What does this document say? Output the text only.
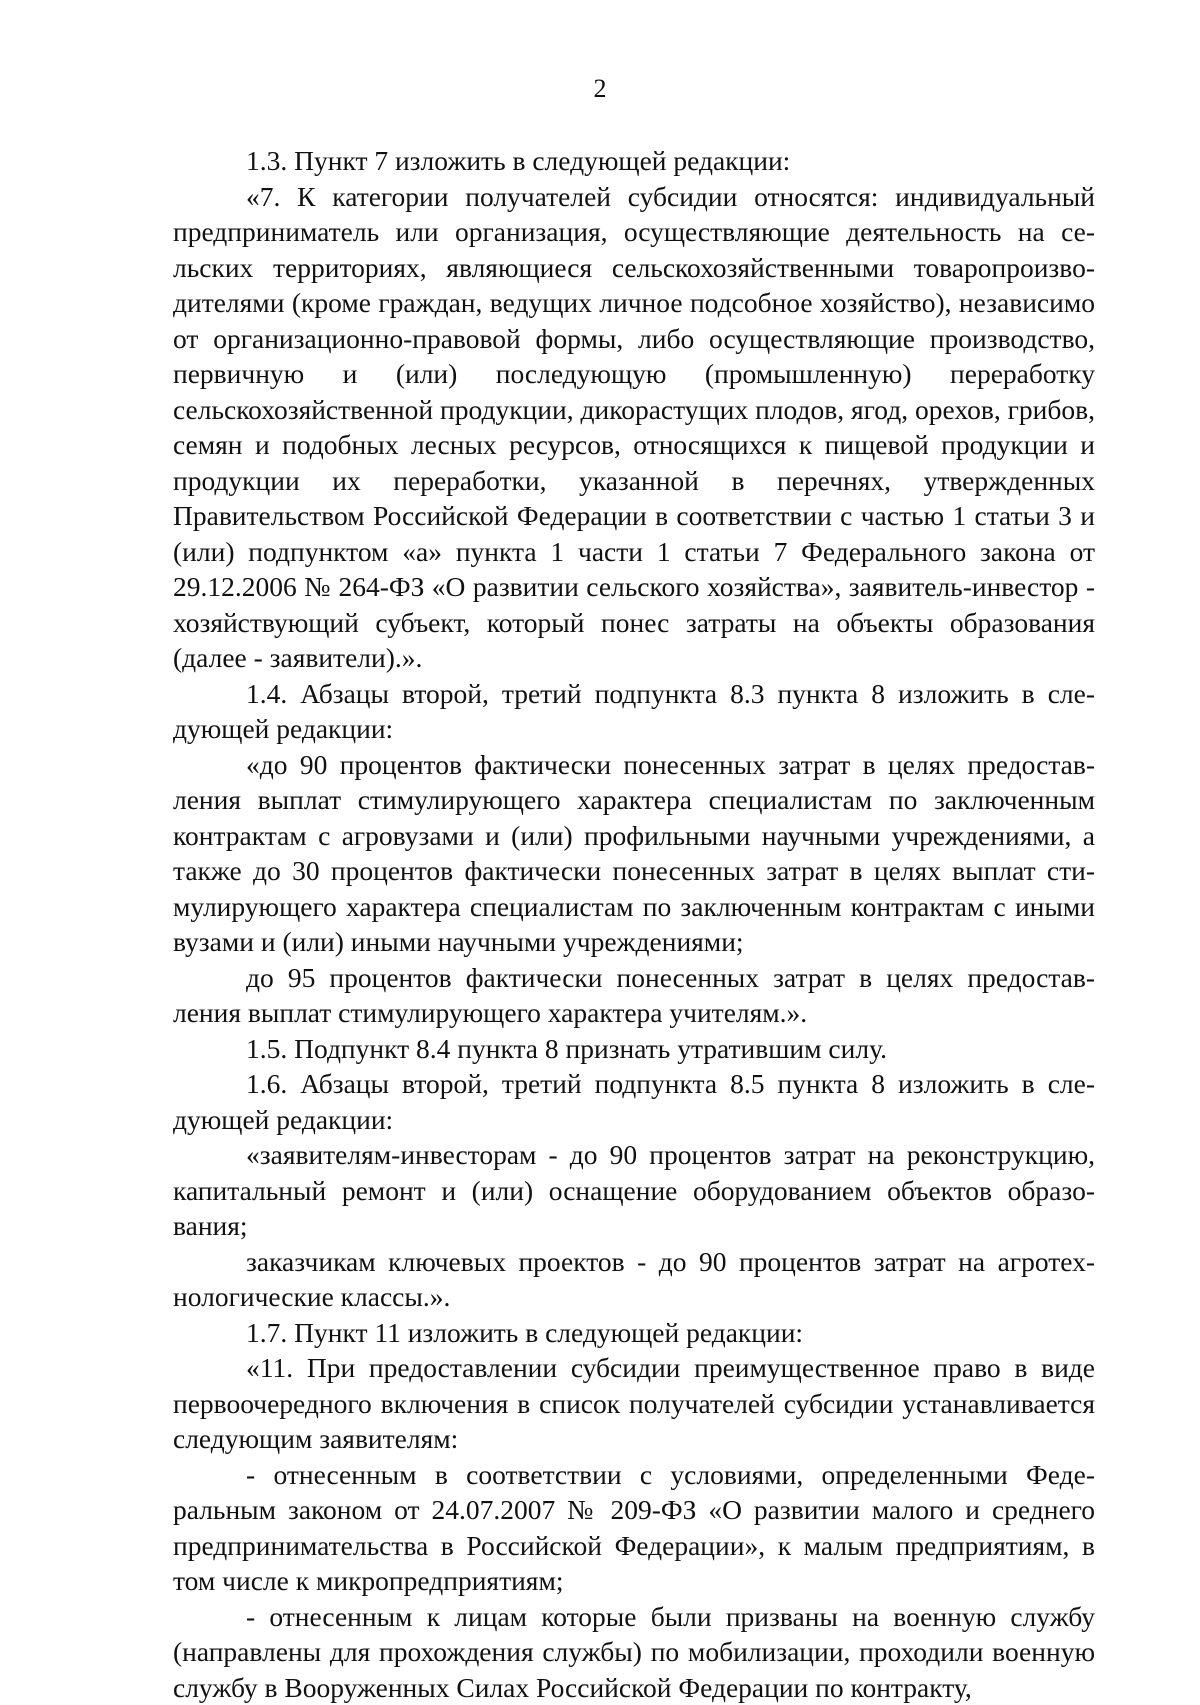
2

1.3. Пункт 7 изложить в следующей редакции:

«7. К категории получателей субсидии относятся: индивидуальный предприниматель или организация, осуществляющие деятельность на сельских территориях, являющиеся сельскохозяйственными товаропроизводителями (кроме граждан, ведущих личное подсобное хозяйство), независимо от организационно-правовой формы, либо осуществляющие производство, первичную и (или) последующую (промышленную) переработку сельскохозяйственной продукции, дикорастущих плодов, ягод, орехов, грибов, семян и подобных лесных ресурсов, относящихся к пищевой продукции и продукции их переработки, указанной в перечнях, утвержденных Правительством Российской Федерации в соответствии с частью 1 статьи 3 и (или) подпунктом «а» пункта 1 части 1 статьи 7 Федерального закона от 29.12.2006 № 264-ФЗ «О развитии сельского хозяйства», заявитель-инвестор - хозяйствующий субъект, который понес затраты на объекты образования (далее - заявители).».

1.4. Абзацы второй, третий подпункта 8.3 пункта 8 изложить в следующей редакции:

«до 90 процентов фактически понесенных затрат в целях предоставления выплат стимулирующего характера специалистам по заключенным контрактам с агровузами и (или) профильными научными учреждениями, а также до 30 процентов фактически понесенных затрат в целях выплат стимулирующего характера специалистам по заключенным контрактам с иными вузами и (или) иными научными учреждениями;

до 95 процентов фактически понесенных затрат в целях предоставления выплат стимулирующего характера учителям.».

1.5. Подпункт 8.4 пункта 8 признать утратившим силу.

1.6. Абзацы второй, третий подпункта 8.5 пункта 8 изложить в следующей редакции:

«заявителям-инвесторам - до 90 процентов затрат на реконструкцию, капитальный ремонт и (или) оснащение оборудованием объектов образования;

заказчикам ключевых проектов - до 90 процентов затрат на агротехнологические классы.».

1.7. Пункт 11 изложить в следующей редакции:

«11. При предоставлении субсидии преимущественное право в виде первоочередного включения в список получателей субсидии устанавливается следующим заявителям:

- отнесенным в соответствии с условиями, определенными Федеральным законом от 24.07.2007 № 209-ФЗ «О развитии малого и среднего предпринимательства в Российской Федерации», к малым предприятиям, в том числе к микропредприятиям;

- отнесенным к лицам которые были призваны на военную службу (направлены для прохождения службы) по мобилизации, проходили военную службу в Вооруженных Силах Российской Федерации по контракту,
